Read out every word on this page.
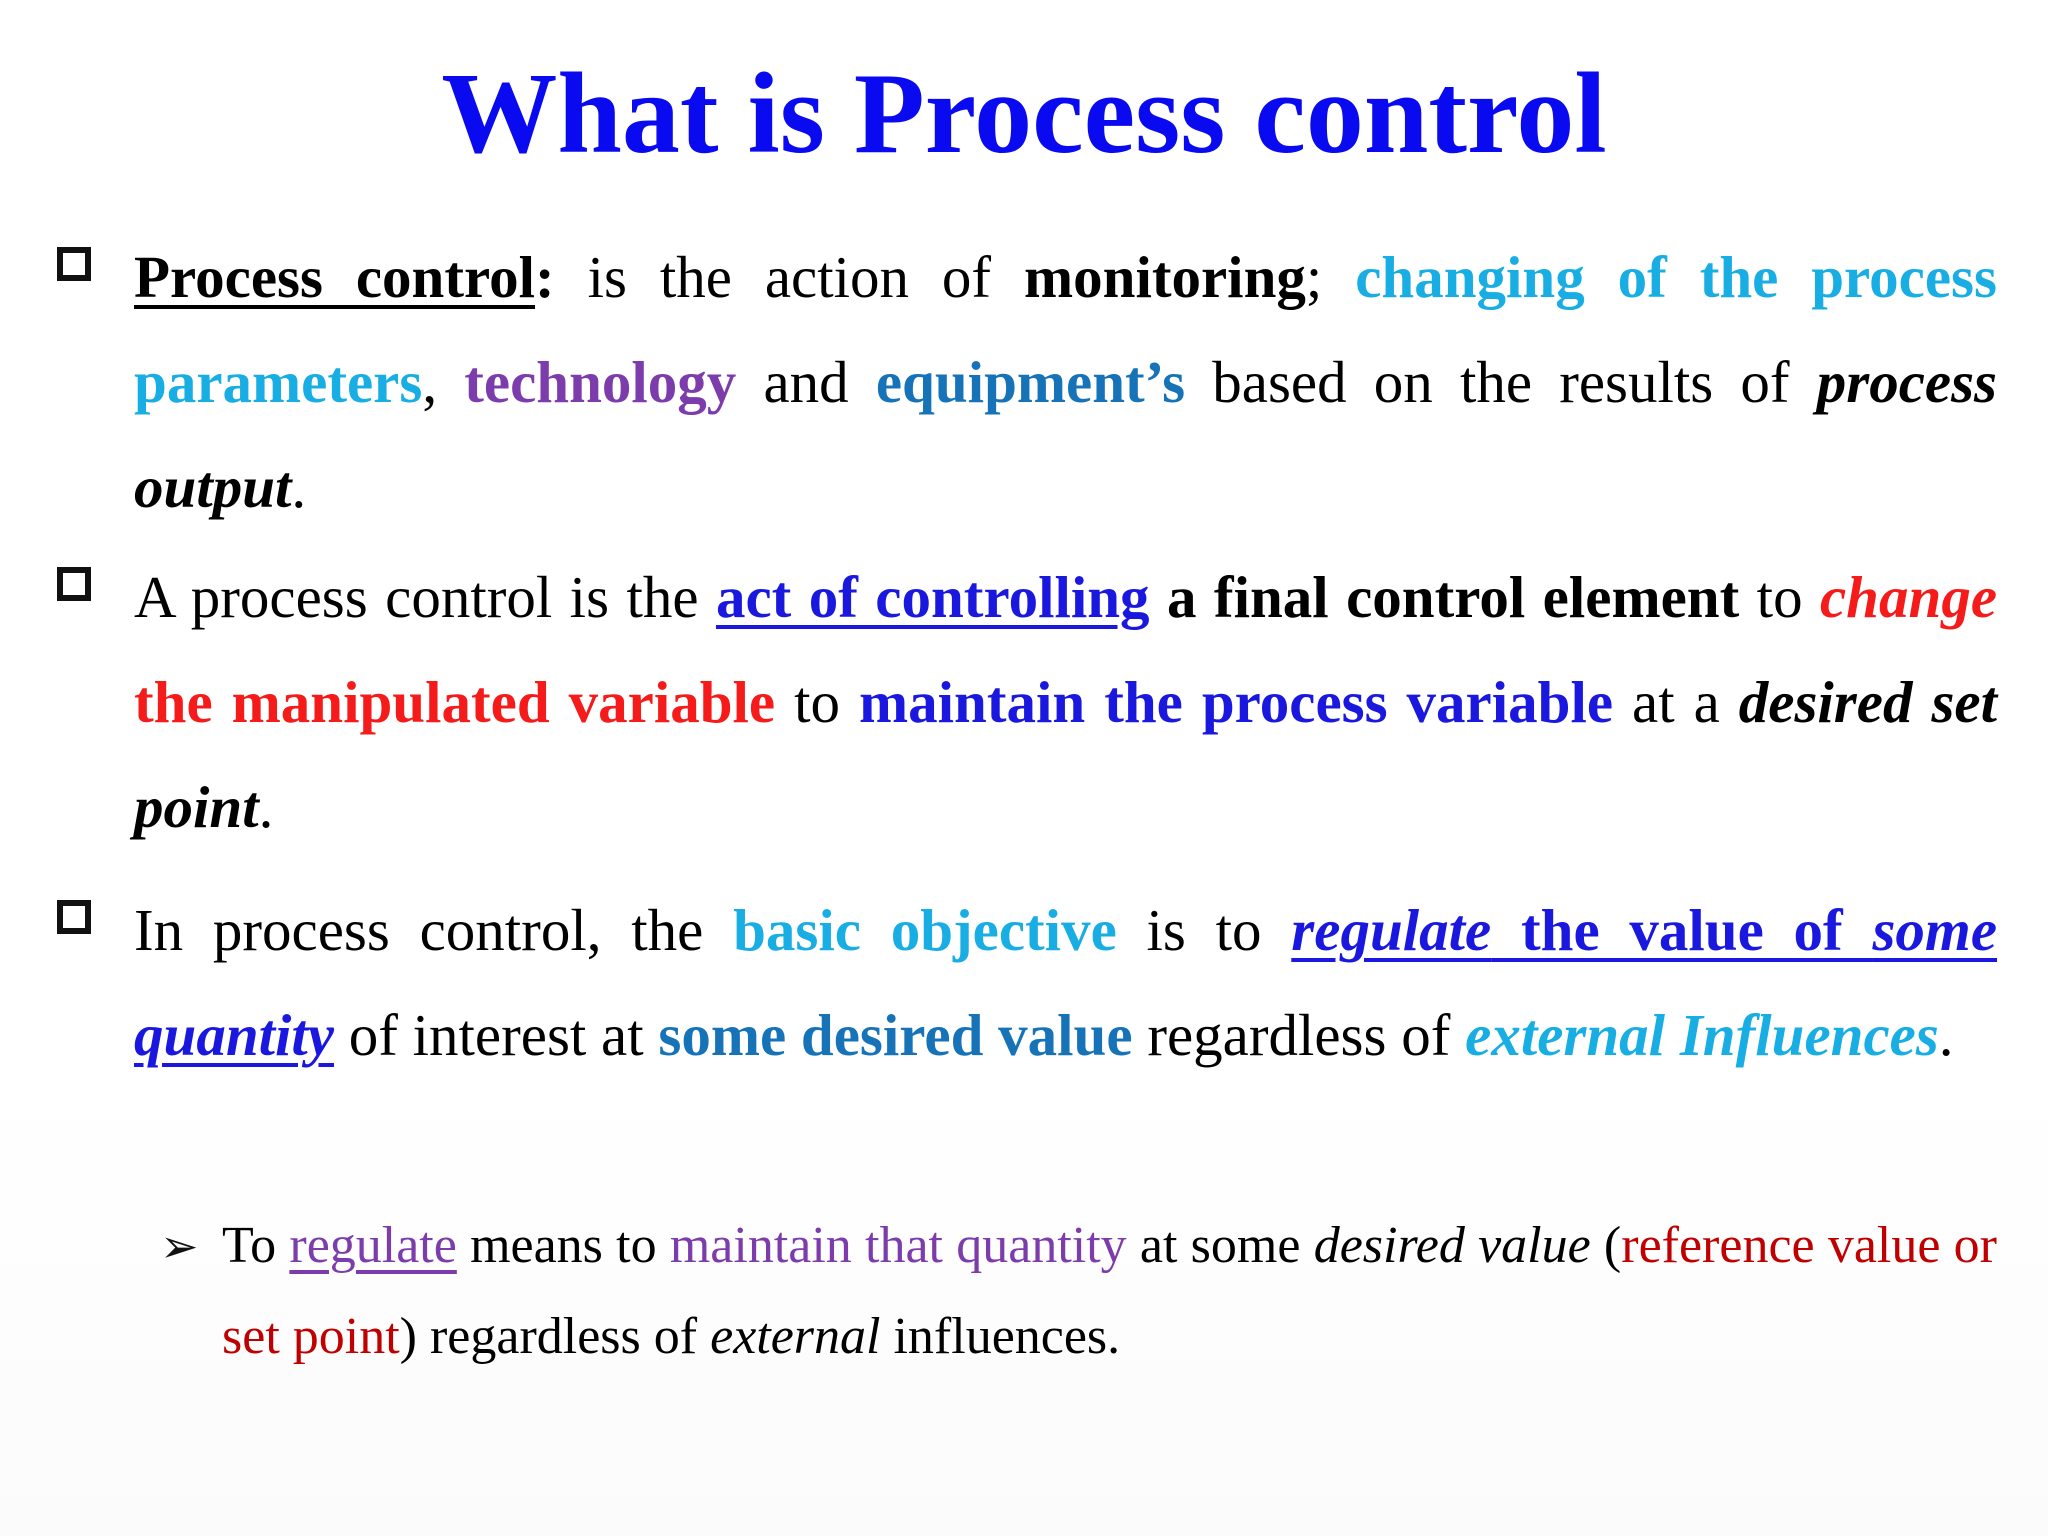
What is Process control
Process control: is the action of monitoring; changing of the process parameters, technology and equipment’s based on the results of process output.
A process control is the act of controlling a final control element to change the manipulated variable to maintain the process variable at a desired set point.
In process control, the basic objective is to regulate the value of some quantity of interest at some desired value regardless of external Influences.
➢ To regulate means to maintain that quantity at some desired value (reference value or set point) regardless of external influences.
